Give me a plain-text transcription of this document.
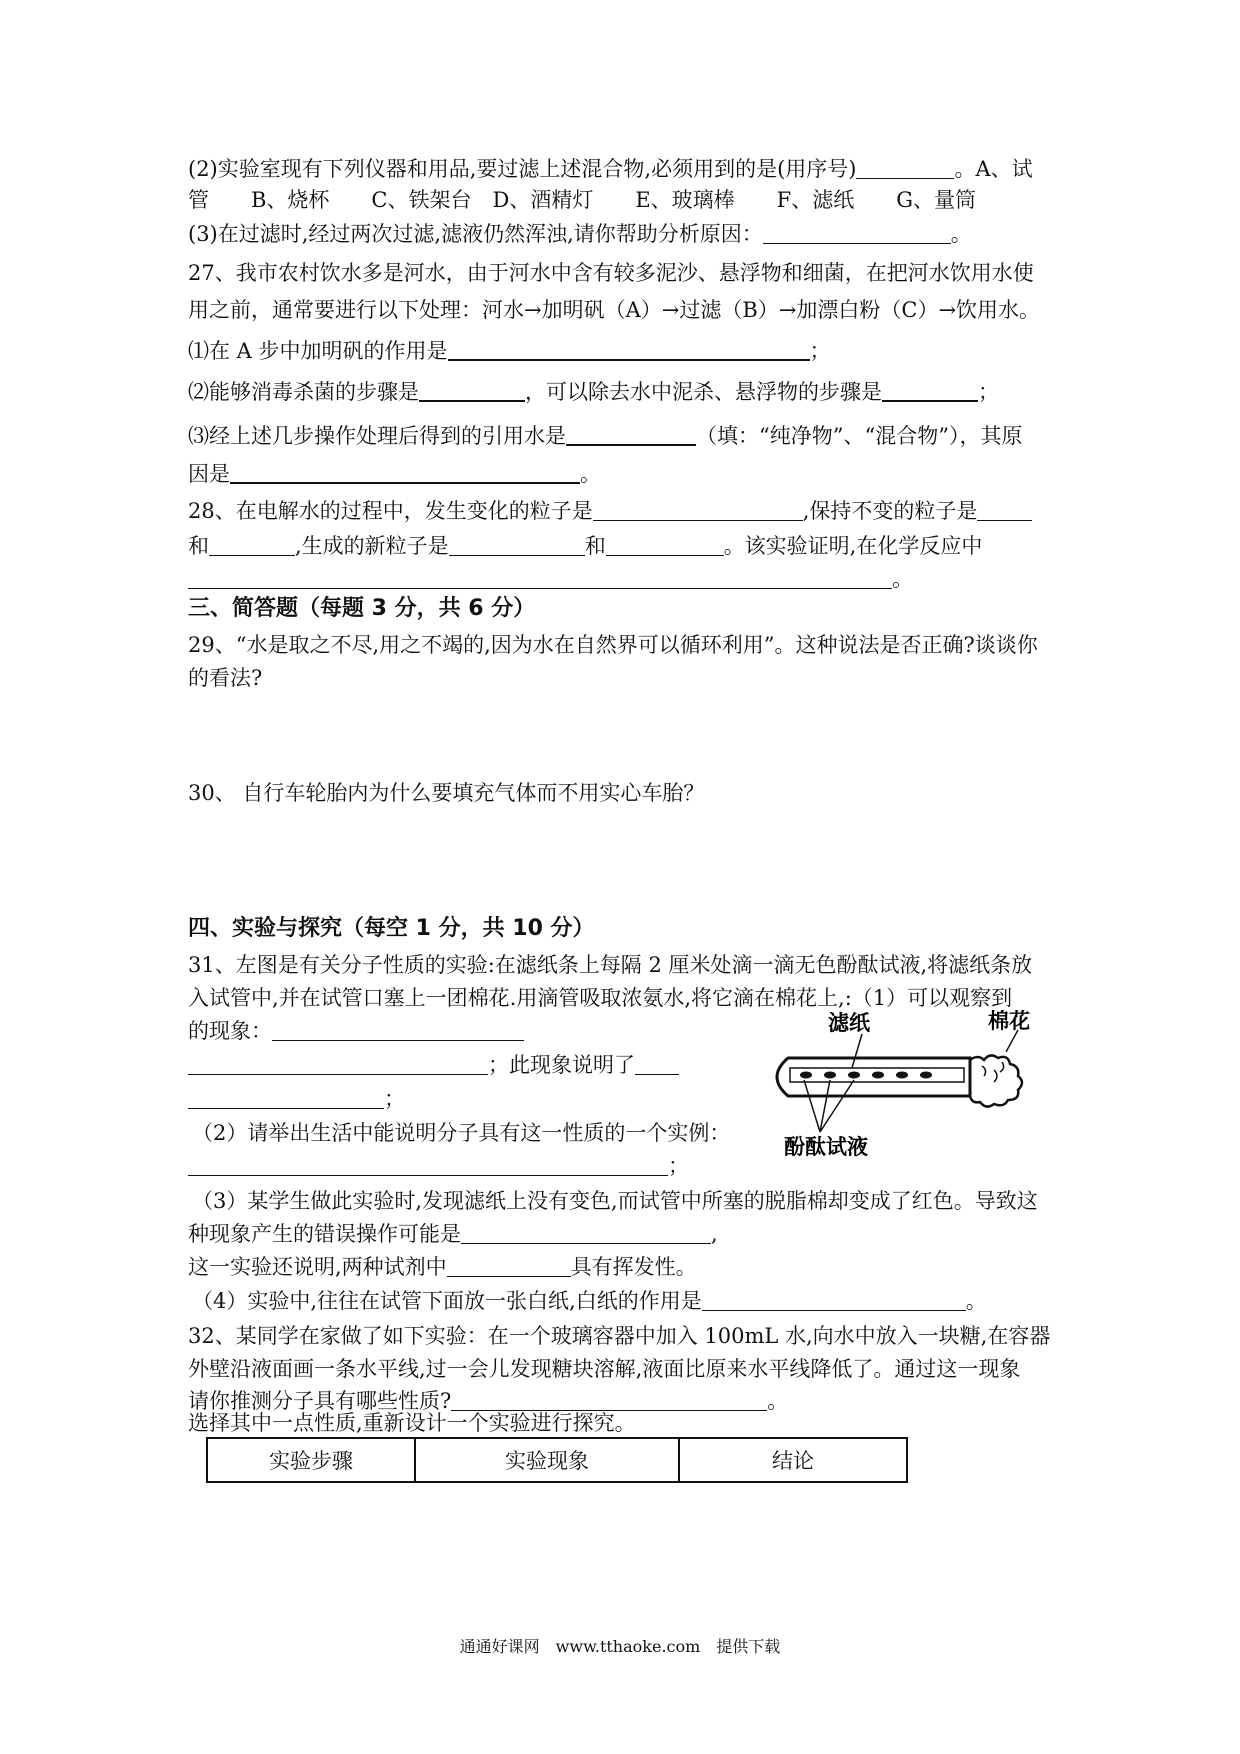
(2)实验室现有下列仪器和用品,要过滤上述混合物,必须用到的是(用序号)	。A、试
管　　B、烧杯　　C、铁架台　D、酒精灯　　E、玻璃棒　　F、滤纸　　G、量筒
(3)在过滤时,经过两次过滤,滤液仍然浑浊,请你帮助分析原因：	。
27、我市农村饮水多是河水，由于河水中含有较多泥沙、悬浮物和细菌，在把河水饮用水使
用之前，通常要进行以下处理：河水→加明矾（A）→过滤（B）→加漂白粉（C）→饮用水。
⑴在 A 步中加明矾的作用是	；
⑵能够消毒杀菌的步骤是	，可以除去水中泥杀、悬浮物的步骤是	；
⑶经上述几步操作处理后得到的引用水是	（填：“纯净物”、“混合物”），其原
因是	。
28、在电解水的过程中，发生变化的粒子是	,保持不变的粒子是
和	,生成的新粒子是	和	。该实验证明,在化学反应中
。
三、简答题（每题 3 分，共 6 分）
29、“水是取之不尽,用之不竭的,因为水在自然界可以循环利用”。这种说法是否正确?谈谈你
的看法?
30、 自行车轮胎内为什么要填充气体而不用实心车胎？
四、实验与探究（每空 1 分，共 10 分）
31、左图是有关分子性质的实验:在滤纸条上每隔 2 厘米处滴一滴无色酚酞试液,将滤纸条放
入试管中,并在试管口塞上一团棉花.用滴管吸取浓氨水,将它滴在棉花上,:（1）可以观察到
的现象：
；此现象说明了
；
（2）请举出生活中能说明分子具有这一性质的一个实例：
；
（3）某学生做此实验时,发现滤纸上没有变色,而试管中所塞的脱脂棉却变成了红色。导致这
种现象产生的错误操作可能是	,
这一实验还说明,两种试剂中	具有挥发性。
（4）实验中,往往在试管下面放一张白纸,白纸的作用是	。
滤纸	棉花
酚酞试液
32、某同学在家做了如下实验：在一个玻璃容器中加入 100mL 水,向水中放入一块糖,在容器
外壁沿液面画一条水平线,过一会儿发现糖块溶解,液面比原来水平线降低了。通过这一现象
请你推测分子具有哪些性质?	。
选择其中一点性质,重新设计一个实验进行探究。
实验步骤	实验现象	结论
通通好课网　www.tthaoke.com　提供下载
